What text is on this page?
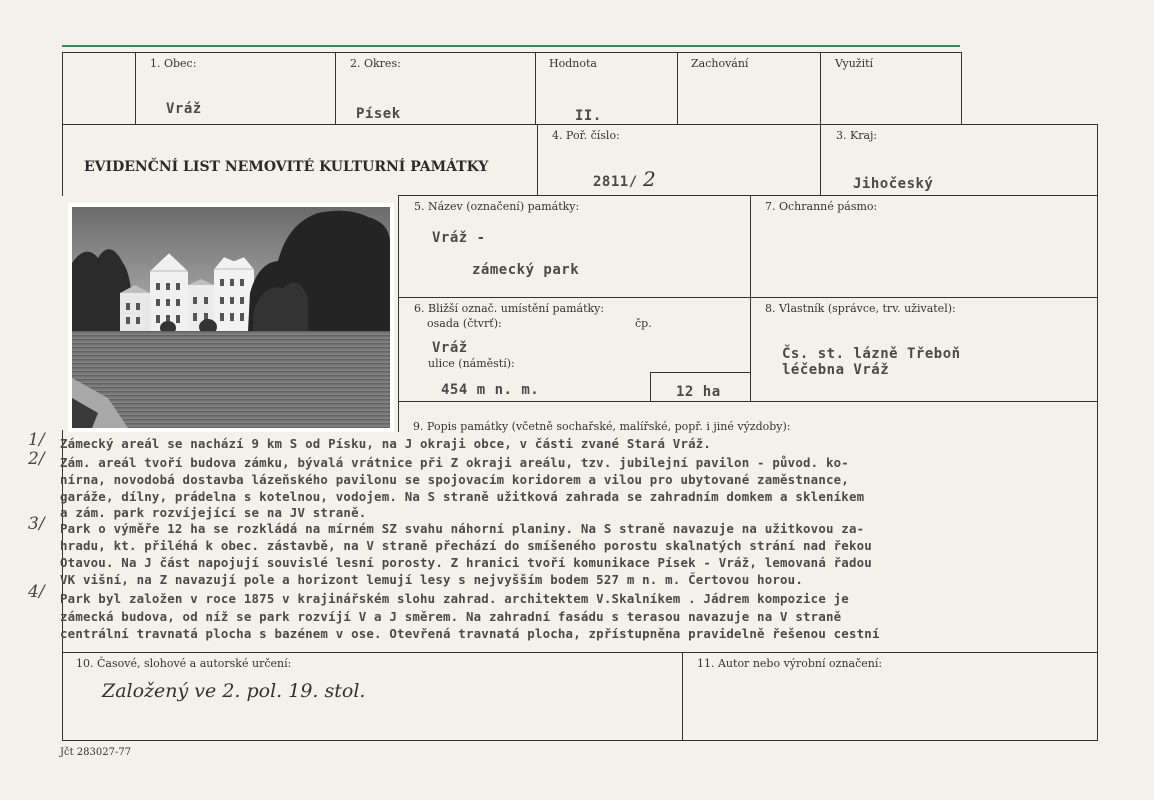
1. Obec:
Vráž
2. Okres:
Písek
Hodnota
II.
Zachování	Využití
EVIDENČNÍ LIST NEMOVITÉ KULTURNÍ PAMÁTKY
4. Poř. číslo:
2811/ 2
3. Kraj:
Jihočeský
5. Název (označení) památky:
Vráž -
zámecký park
7. Ochranné pásmo:
6. Bližší označ. umístění památky:
osada (čtvrť):	čp.
Vráž
ulice (náměstí):
454 m n. m.	12 ha
8. Vlastník (správce, trv. uživatel):
Čs. st. lázně Třeboň
léčebna Vráž
9. Popis památky (včetně sochařské, malířské, popř. i jiné výzdoby):
1/
2/
3/
4/
Zámecký areál se nachází 9 km S od Písku, na J okraji obce, v části zvané Stará Vráž.
Zám. areál tvoří budova zámku, bývalá vrátnice při Z okraji areálu, tzv. jubilejní pavilon - původ. ko-
nírna, novodobá dostavba lázeňského pavilonu se spojovacím koridorem a vilou pro ubytované zaměstnance,
garáže, dílny, prádelna s kotelnou, vodojem. Na S straně užitková zahrada se zahradním domkem a skleníkem
a zám. park rozvíjející se na JV straně.
Park o výměře 12 ha se rozkládá na mírném SZ svahu náhorní planiny. Na S straně navazuje na užitkovou za-
hradu, kt. přiléhá k obec. zástavbě, na V straně přechází do smíšeného porostu skalnatých strání nad řekou
Otavou. Na J část napojují souvislé lesní porosty. Z hranici tvoří komunikace Písek - Vráž, lemovaná řadou
VK višní, na Z navazují pole a horizont lemují lesy s nejvyšším bodem 527 m n. m. Čertovou horou.
Park byl založen v roce 1875 v krajinářském slohu zahrad. architektem V.Skalníkem . Jádrem kompozice je
zámecká budova, od níž se park rozvíjí V a J směrem. Na zahradní fasádu s terasou navazuje na V straně
centrální travnatá plocha s bazénem v ose. Otevřená travnatá plocha, zpřístupněna pravidelně řešenou cestní
10. Časové, slohové a autorské určení:
Založený ve 2. pol. 19. stol.
11. Autor nebo výrobní označení:
Jčt 283027-77
